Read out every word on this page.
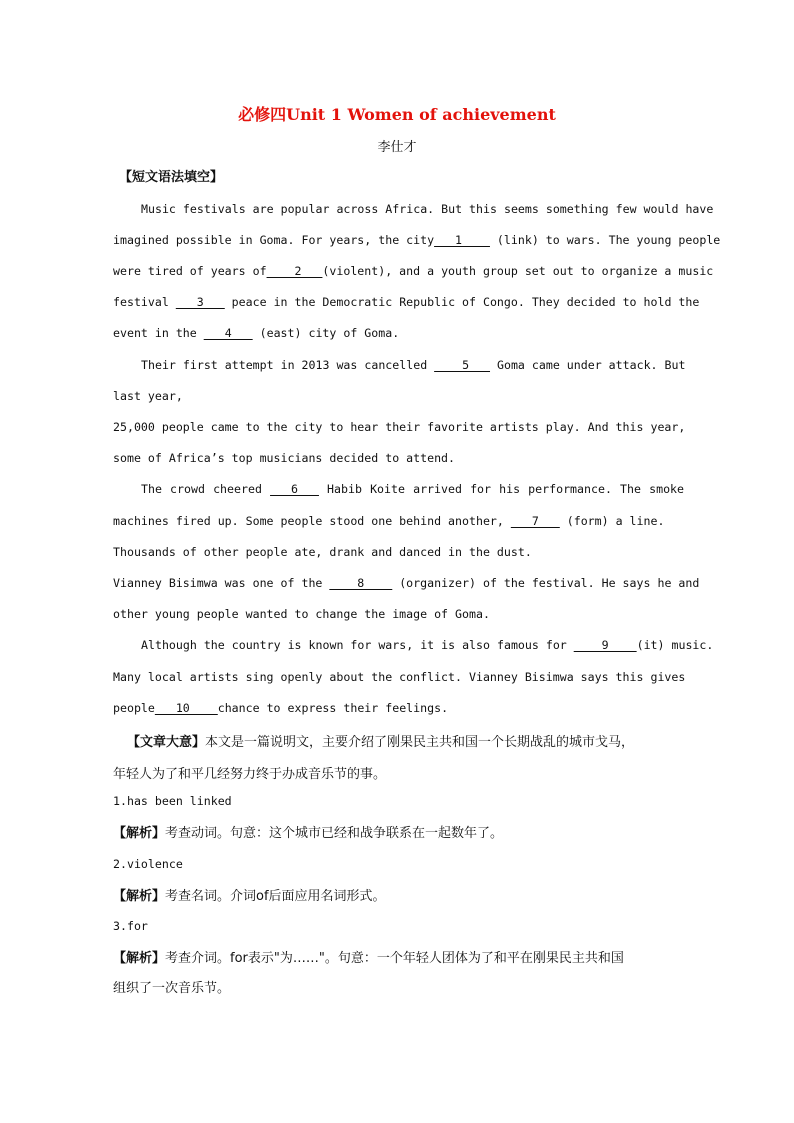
必修四Unit 1 Women of achievement
李仕才
【短文语法填空】
Music festivals are popular across Africa. But this seems something few would have
imagined possible in Goma. For years, the city___1____ (link) to wars. The young people
were tired of years of____2___(violent), and a youth group set out to organize a music
festival ___3___ peace in the Democratic Republic of Congo. They decided to hold the
event in the ___4___ (east) city of Goma.
Their first attempt in 2013 was cancelled ____5___ Goma came under attack. But
last year,
25,000 people came to the city to hear their favorite artists play. And this year,
some of Africa’s top musicians decided to attend.
The crowd cheered ___6___ Habib Koite arrived for his performance. The smoke
machines fired up. Some people stood one behind another, ___7___ (form) a line.
Thousands of other people ate, drank and danced in the dust.
Vianney Bisimwa was one of the ____8____ (organizer) of the festival. He says he and
other young people wanted to change the image of Goma.
Although the country is known for wars, it is also famous for ____9____(it) music.
Many local artists sing openly about the conflict. Vianney Bisimwa says this gives
people___10____chance to express their feelings.
【文章大意】本文是一篇说明文，主要介绍了刚果民主共和国一个长期战乱的城市戈马，
年轻人为了和平几经努力终于办成音乐节的事。
1.has been linked
【解析】考查动词。句意：这个城市已经和战争联系在一起数年了。
2.violence
【解析】考查名词。介词of后面应用名词形式。
3.for
【解析】考查介词。for表示"为……"。句意：一个年轻人团体为了和平在刚果民主共和国
组织了一次音乐节。
